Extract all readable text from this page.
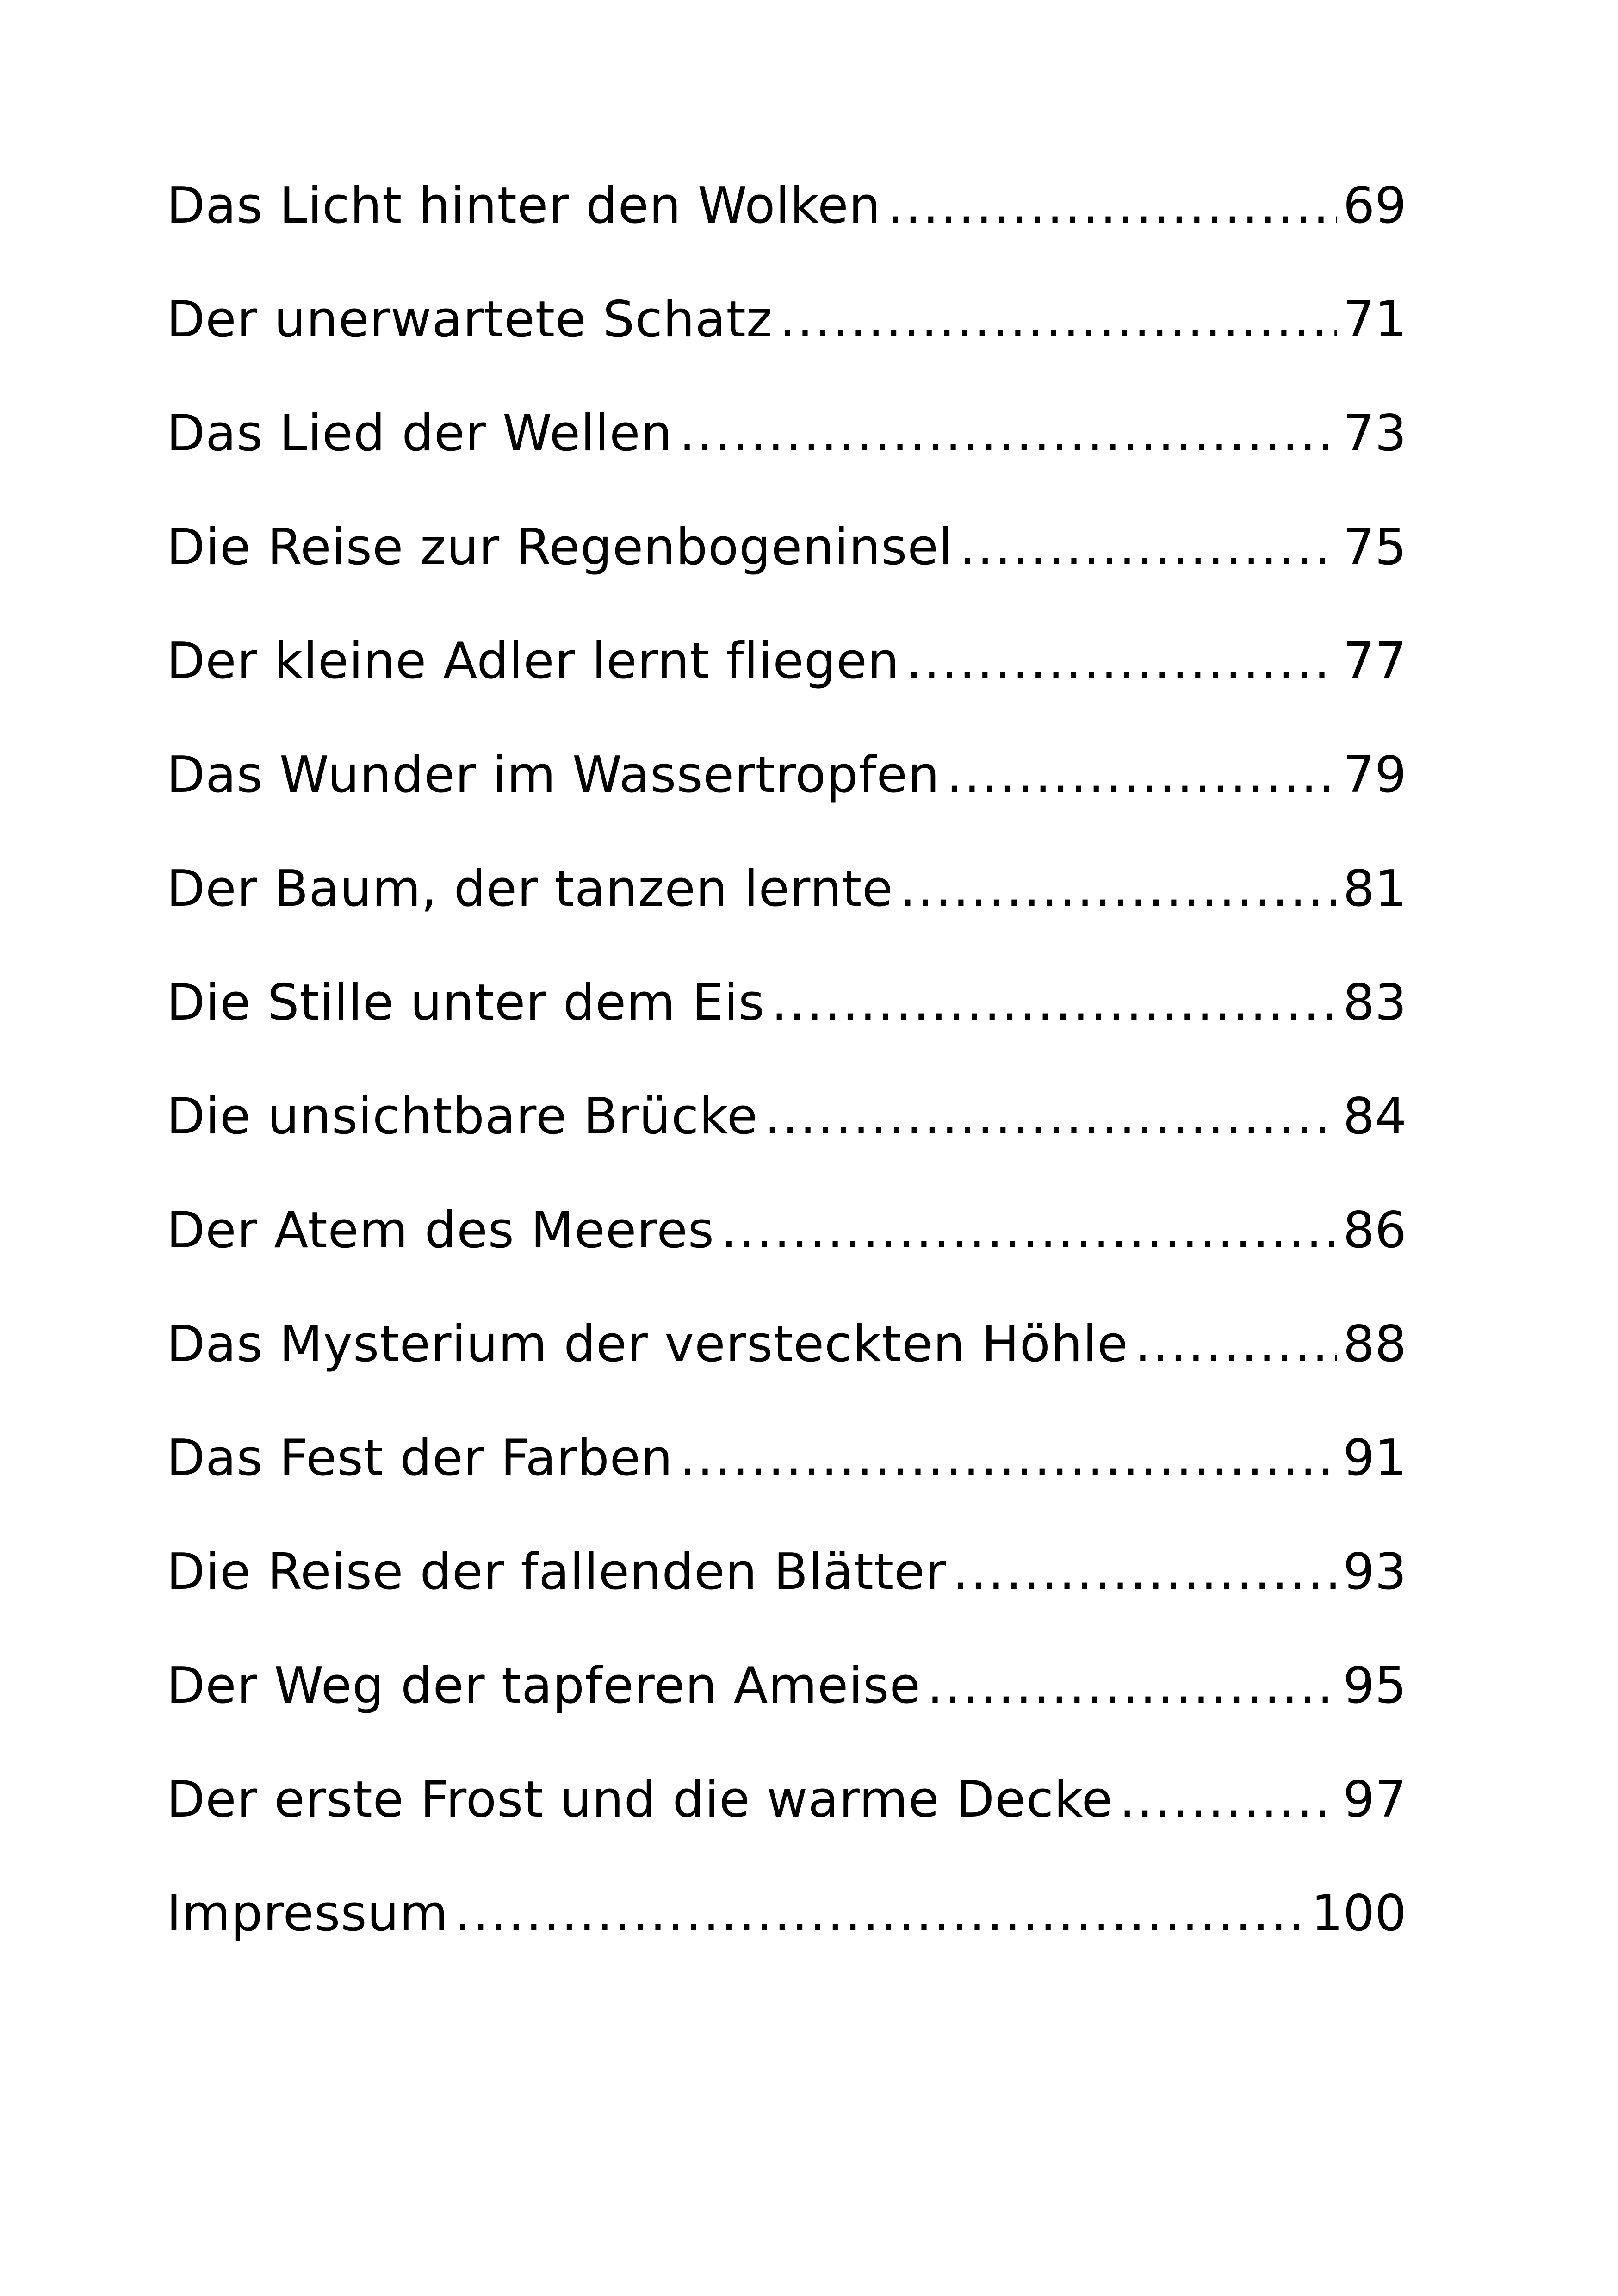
Das Licht hinter den Wolken .....	69
Der unerwartete Schatz .....	71
Das Lied der Wellen .....	73
Die Reise zur Regenbogeninsel .....	75
Der kleine Adler lernt fliegen .....	77
Das Wunder im Wassertropfen .....	79
Der Baum, der tanzen lernte .....	81
Die Stille unter dem Eis .....	83
Die unsichtbare Brücke .....	84
Der Atem des Meeres .....	86
Das Mysterium der versteckten Höhle .....	88
Das Fest der Farben .....	91
Die Reise der fallenden Blätter .....	93
Der Weg der tapferen Ameise .....	95
Der erste Frost und die warme Decke .....	97
Impressum .....	100
